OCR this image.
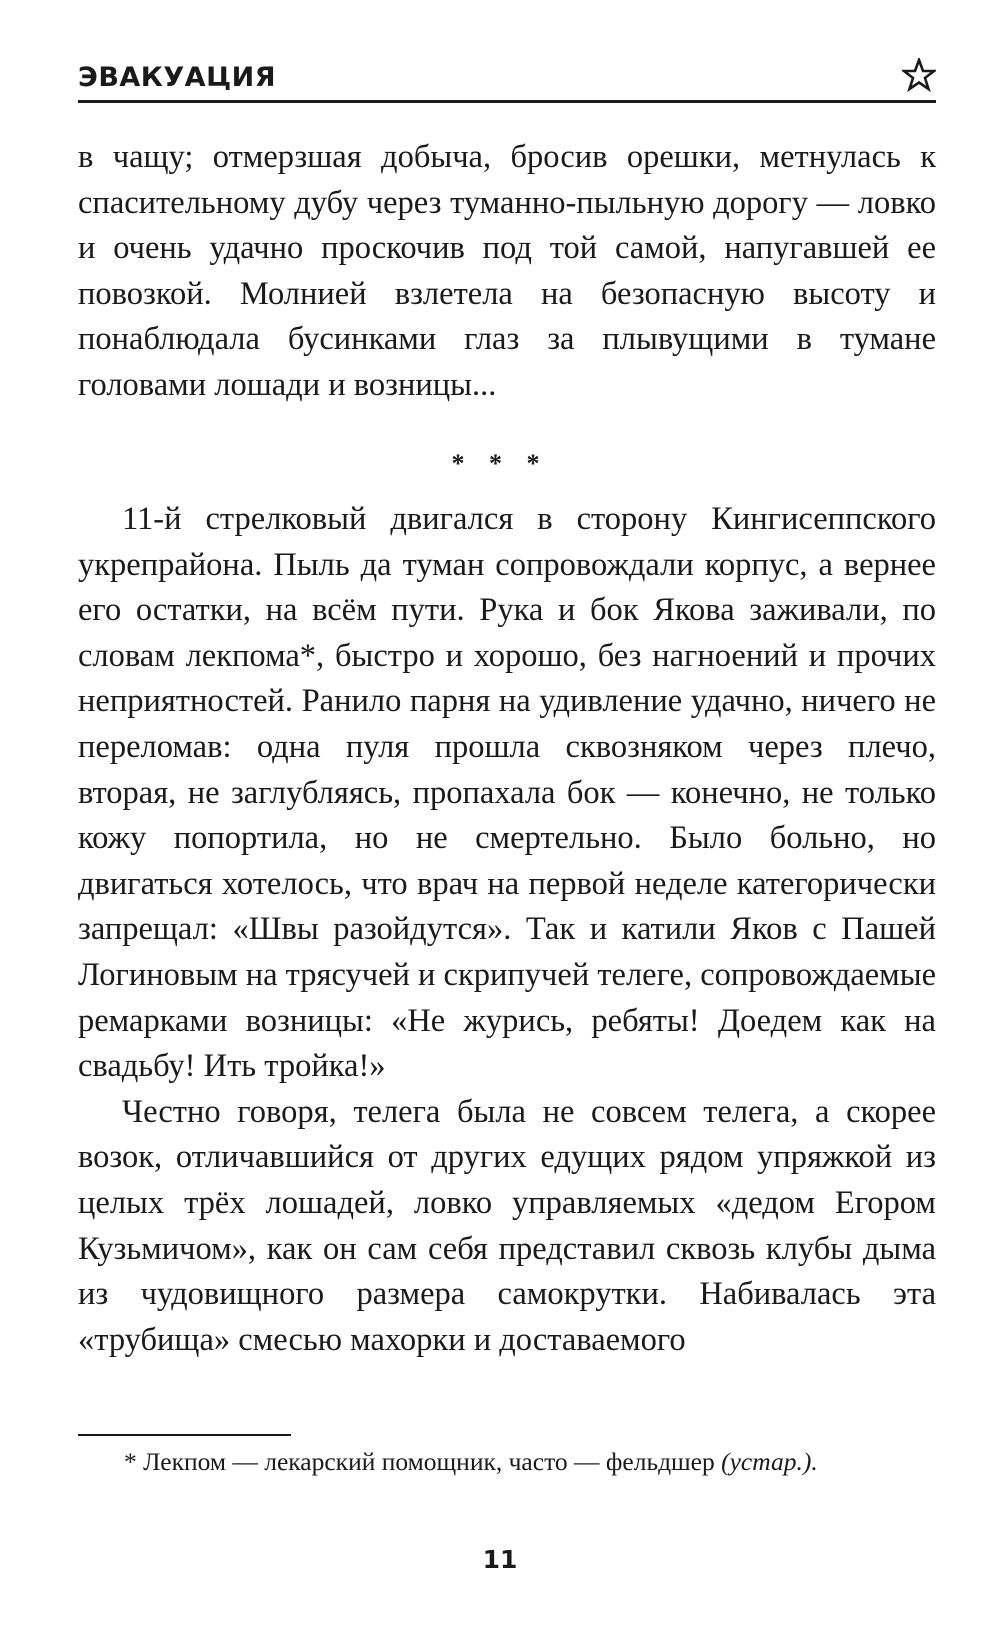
ЭВАКУАЦИЯ

в чащу; отмерзшая добыча, бросив орешки, метнулась к спасительному дубу через туманно-пыльную дорогу — ловко и очень удачно проскочив под той самой, напугавшей ее повозкой. Молнией взлетела на безопасную высоту и понаблюдала бусинками глаз за плывущими в тумане головами лошади и возницы...

* * *

11-й стрелковый двигался в сторону Кингисеппского укрепрайона. Пыль да туман сопровождали корпус, а вернее его остатки, на всём пути. Рука и бок Якова заживали, по словам лекпома*, быстро и хорошо, без нагноений и прочих неприятностей. Ранило парня на удивление удачно, ничего не переломав: одна пуля прошла сквозняком через плечо, вторая, не заглубляясь, пропахала бок — конечно, не только кожу попортила, но не смертельно. Было больно, но двигаться хотелось, что врач на первой неделе категорически запрещал: «Швы разойдутся». Так и катили Яков с Пашей Логиновым на трясучей и скрипучей телеге, сопровождаемые ремарками возницы: «Не журись, ребяты! Доедем как на свадьбу! Ить тройка!»

Честно говоря, телега была не совсем телега, а скорее возок, отличавшийся от других едущих рядом упряжкой из целых трёх лошадей, ловко управляемых «дедом Егором Кузьмичом», как он сам себя представил сквозь клубы дыма из чудовищного размера самокрутки. Набивалась эта «трубища» смесью махорки и доставаемого

* Лекпом — лекарский помощник, часто — фельдшер (устар.).

11
